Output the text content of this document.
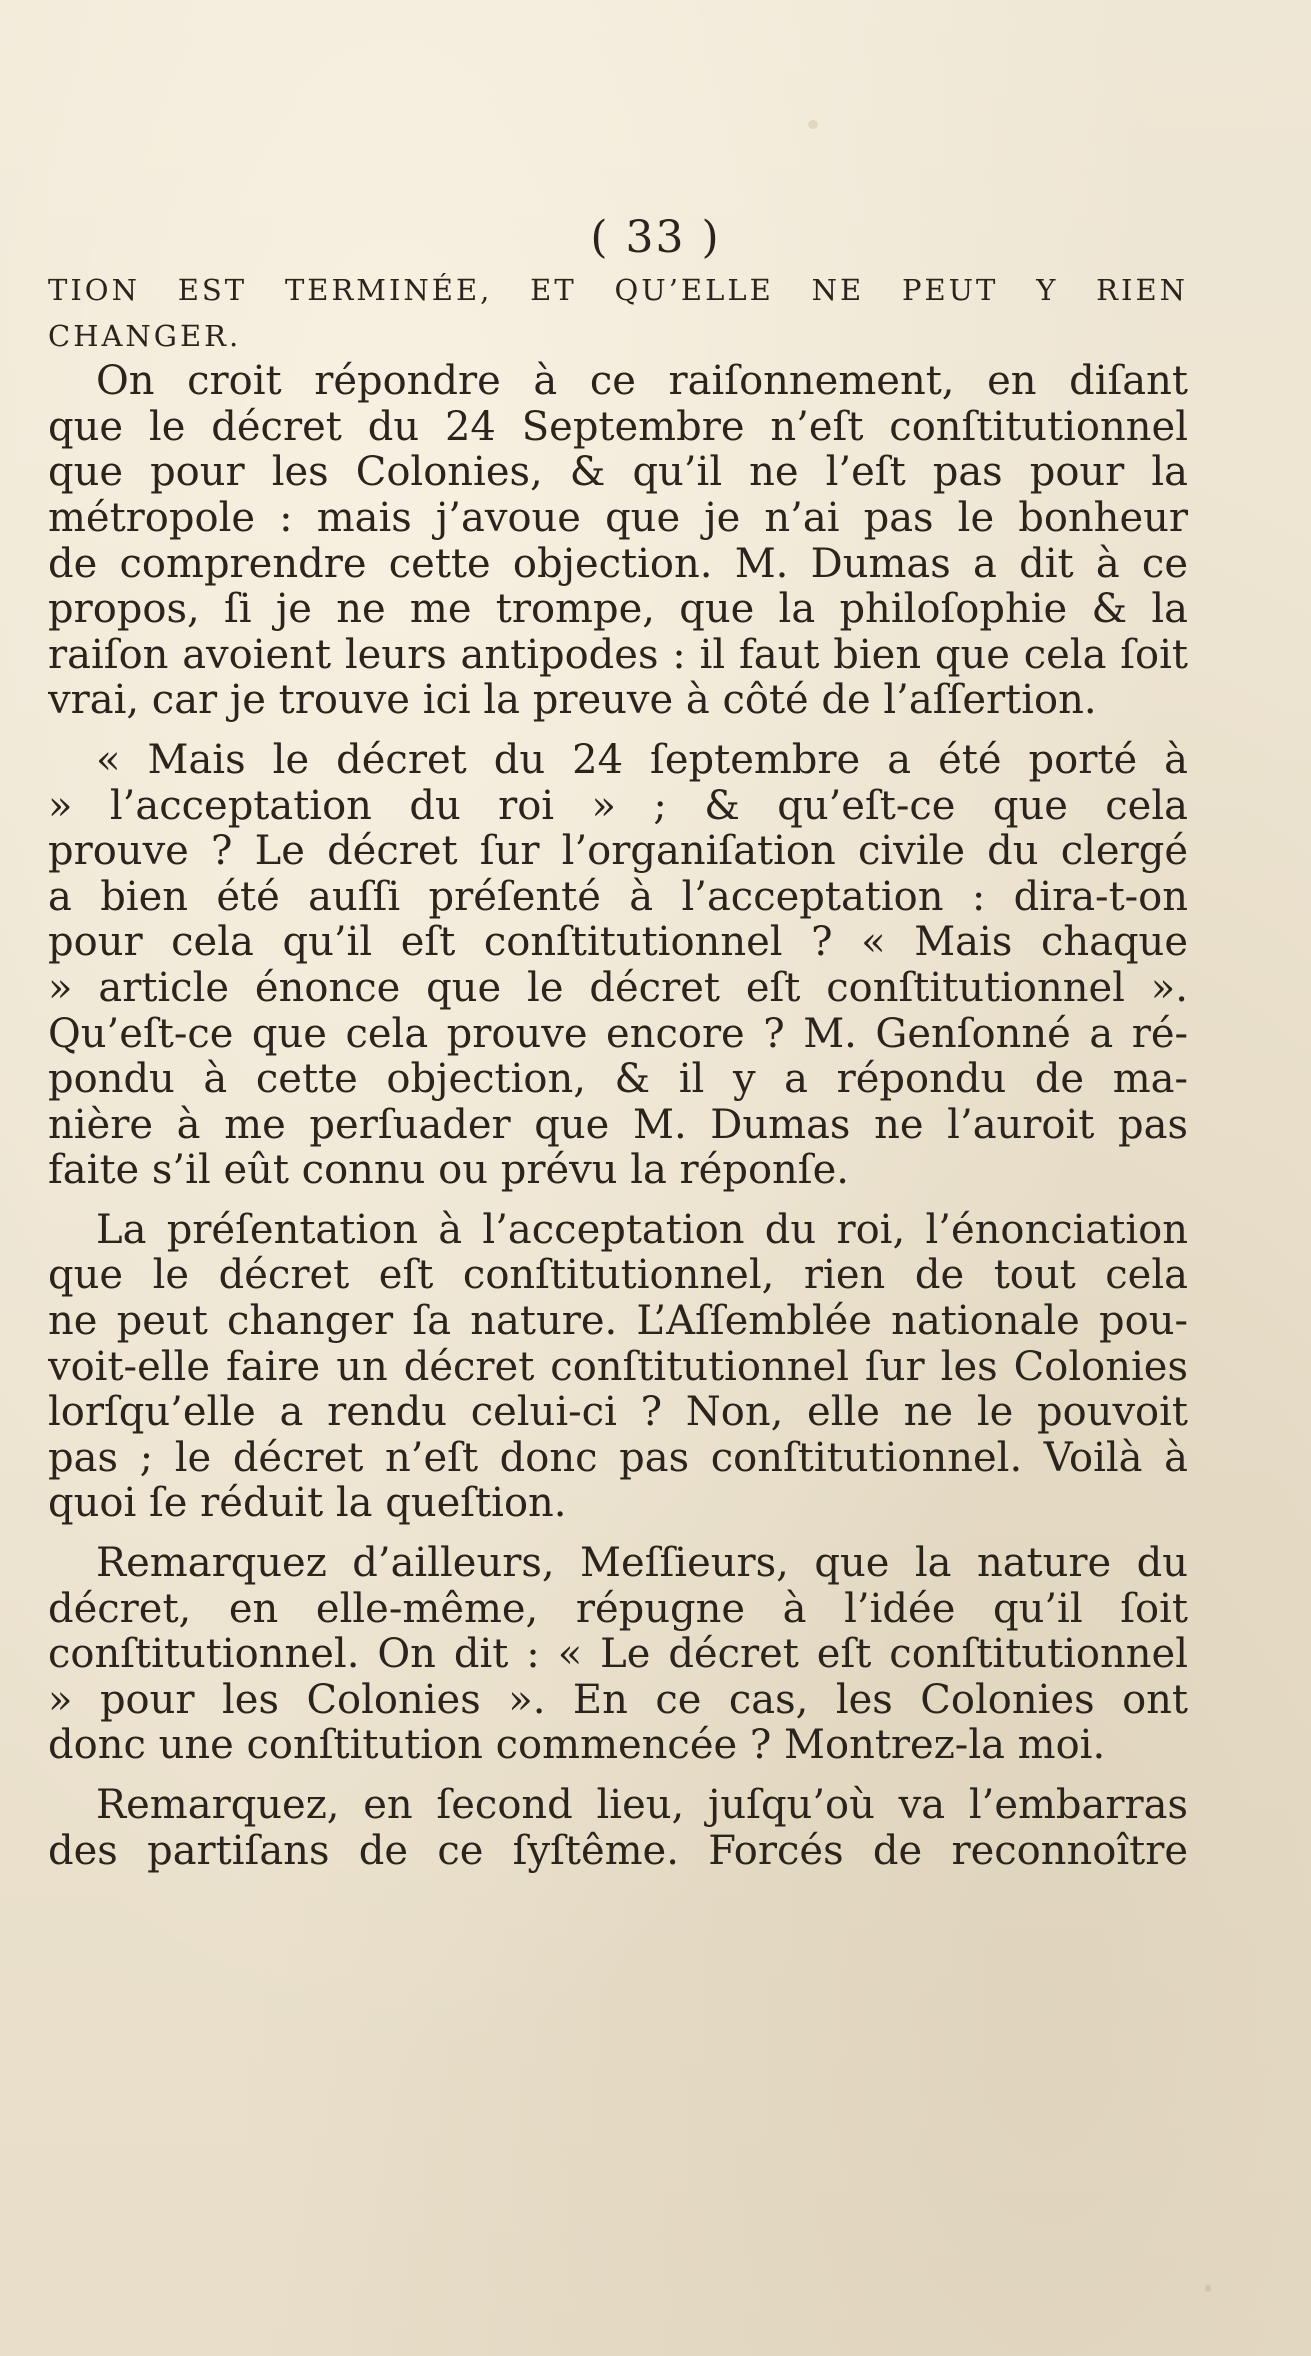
( 33 )
TION EST TERMINÉE, ET QU’ELLE NE PEUT Y RIEN
CHANGER.
On croit répondre à ce raiſonnement, en diſant
que le décret du 24 Septembre n’eſt conſtitutionnel
que pour les Colonies, & qu’il ne l’eſt pas pour la
métropole : mais j’avoue que je n’ai pas le bonheur
de comprendre cette objection. M. Dumas a dit à ce
propos, ſi je ne me trompe, que la philoſophie & la
raiſon avoient leurs antipodes : il faut bien que cela ſoit
vrai, car je trouve ici la preuve à côté de l’aſſertion.
« Mais le décret du 24 ſeptembre a été porté à
» l’acceptation du roi » ; & qu’eſt-ce que cela
prouve ? Le décret ſur l’organiſation civile du clergé
a bien été auſſi préſenté à l’acceptation : dira-t-on
pour cela qu’il eſt conſtitutionnel ? « Mais chaque
» article énonce que le décret eſt conſtitutionnel ».
Qu’eſt-ce que cela prouve encore ? M. Genſonné a ré-
pondu à cette objection, & il y a répondu de ma-
nière à me perſuader que M. Dumas ne l’auroit pas
faite s’il eût connu ou prévu la réponſe.
La préſentation à l’acceptation du roi, l’énonciation
que le décret eſt conſtitutionnel, rien de tout cela
ne peut changer ſa nature. L’Aſſemblée nationale pou-
voit-elle faire un décret conſtitutionnel ſur les Colonies
lorſqu’elle a rendu celui-ci ? Non, elle ne le pouvoit
pas ; le décret n’eſt donc pas conſtitutionnel. Voilà à
quoi ſe réduit la queſtion.
Remarquez d’ailleurs, Meſſieurs, que la nature du
décret, en elle-même, répugne à l’idée qu’il ſoit
conſtitutionnel. On dit : « Le décret eſt conſtitutionnel
» pour les Colonies ». En ce cas, les Colonies ont
donc une conſtitution commencée ? Montrez-la moi.
Remarquez, en ſecond lieu, juſqu’où va l’embarras
des partiſans de ce ſyſtême. Forcés de reconnoître
